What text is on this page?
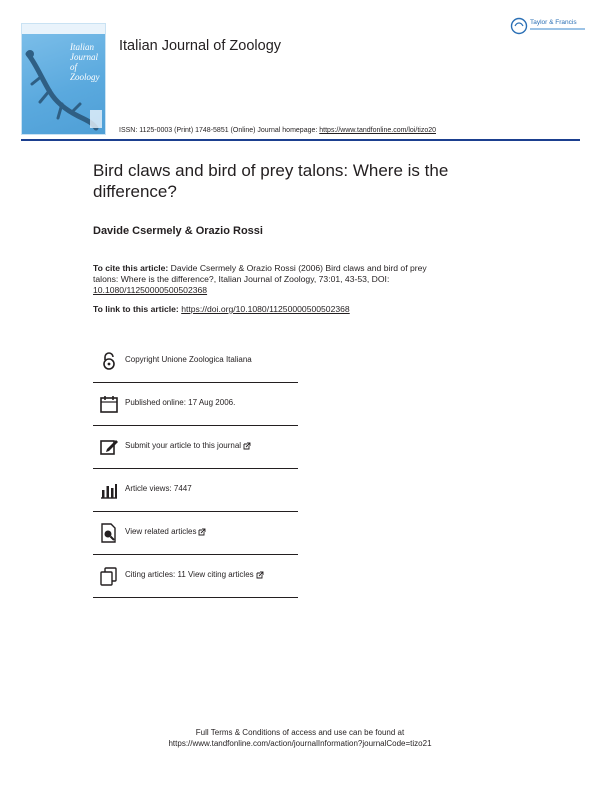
Italian Journal of Zoology
Italian Journal of Zoology
Taylor & Francis
ISSN: 1125-0003 (Print) 1748-5851 (Online) Journal homepage: https://www.tandfonline.com/loi/tizo20
Bird claws and bird of prey talons: Where is the difference?
Davide Csermely & Orazio Rossi
To cite this article: Davide Csermely & Orazio Rossi (2006) Bird claws and bird of prey talons: Where is the difference?, Italian Journal of Zoology, 73:01, 43-53, DOI: 10.1080/11250000500502368
To link to this article: https://doi.org/10.1080/11250000500502368
Copyright Unione Zoologica Italiana
Published online: 17 Aug 2006.
Submit your article to this journal
Article views: 7447
View related articles
Citing articles: 11 View citing articles
Full Terms & Conditions of access and use can be found at
https://www.tandfonline.com/action/journalInformation?journalCode=tizo21
